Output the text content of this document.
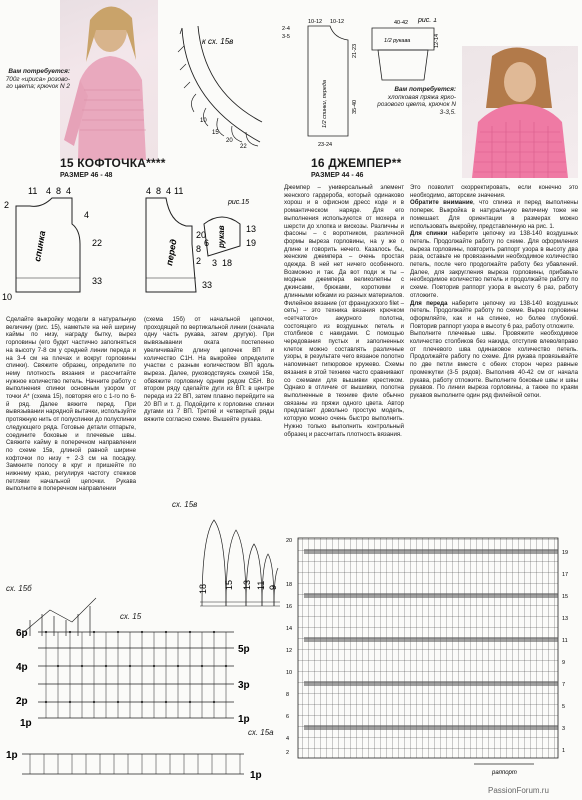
Вам потребуется:
700г «ириса» розово-го цвета; крючок N 2
к сх. 15в
10
15
20
22
2-4
3-5
10-12 10-12
21-23
35-40
23-24
1/2 спинки, переда
40-42
12-14
1/2 рукава
рис. 1
Вам потребуется:
хлопковая пряжа ярко-розового цвета, крючок N 3-3,5.
15 КОФТОЧКА****
РАЗМЕР 46 - 48
16 ДЖЕМПЕР**
РАЗМЕР 44 - 46
спинка	перед
рукав
рис.15
11 4 8 4
2
4
22
33
10
4 8 4 11
20
8
2
33
13
19
3 18
6
Сделайте выкройку модели в натуральную величину (рис. 15), наметьте на ней ширину каймы по низу, награду бытку, вырез горловины (его будет частично заполняться на высоту 7-8 см у средней линии переда и на 3-4 см на плечах и вокруг горловины спинки). Свяжите образец, определите по нему плотность вязания и рассчитайте нужное количество петель. Начните работу с выполнения спинки основным узором от точки А* (схема 15), повторяя его с 1-го по 6-й ряд. Далее вяжите перед. При вывязывании нарядной вытачки, используйте протяжную нить от полуспинки до полуспинки следующего ряда. Готовые детали отпарьте, соедините боковые и плечевые швы. Свяжите кайму в поперечном направлении по схеме 15в, длиной равной ширине кофточки по низу + 2-3 см на посадку. Замкните полосу в круг и пришейте по нижнему краю, регулируя частоту стежков петлями начальной цепочки. Рукава выполните в поперечном направлении
(схема 15б) от начальной цепочки, проходящей по вертикальной линии (сначала одну часть рукава, затем другую). При вывязывании оката постепенно увеличивайте длину цепочек ВП и количество С1Н. На выкройке определите участки с разным количеством ВП вдоль выреза. Далее, руководствуясь схемой 15в, обвяжите горловину одним рядом СБН. Во втором ряду сделайте дуги из ВП: в центре переда из 22 ВП, затем плавно перейдите на 20 ВП и т. д. Подойдите к горловине спинки дугами из 7 ВП. Третий и четвертый ряды вяжите согласно схеме. Вышейте рукава.
Джемпер – универсальный элемент женского гардероба, который одинаково хорош и в офисном дресс коде и в романтическом наряде. Для его выполнения используются от мохера и шерсти до хлопка и вискозы. Различны и фасоны – с воротником, различной формы выреза горловины, на у же о длине и говорить нечего. Казалось бы, женские джемпера – очень простая одежда. В ней нет ничего особенного. Возможно и так. Да вот поди ж ты – модные джемпера великолепны с джинсами, брюками, короткими и длинными юбками из разных материалов. Филейное вязание (от французского filet – сеть) – это техника вязания крючком «сетчатого» ажурного полотна, состоящего из воздушных петель и столбиков с накидами. С помощью чередования пустых и заполненных клеток можно составлять различные узоры, в результате чего вязаное полотно напоминает гипюровое кружево. Схемы вязания в этой технике часто сравнивают со схемами для вышивки крестиком. Однако в отличие от вышивки, полотна выполненные в технике филе обычно связаны из пряжи одного цвета. Автор предлагает довольно простую модель, которую можно очень быстро выполнить. Нужно только выполнить контрольный образец и рассчитать плотность вязания.
Это позволит скорректировать, если конечно это необходимо, авторские значения.
Обратите внимание, что спинка и перед выполнены поперек. Выкройка в натуральную величину тоже не помешает. Для ориентации в размерах можно использовать выкройку, представленную на рис. 1.
Для спинки наберите цепочку из 138-140 воздушных петель. Продолжайте работу по схеме. Для оформления выреза горловины, повторить раппорт узора в высоту два раза, оставьте не провязанными необходимое количество петель, после чего продолжайте работу без убавлений. Далее, для закругления выреза горловины, прибавьте необходимое количество петель и продолжайте работу по схеме. Повторив раппорт узора в высоту 6 раз, работу отложите.
Для переда наберите цепочку из 138-140 воздушных петель. Продолжайте работу по схеме. Вырез горловины оформляйте, как и на спинке, но более глубокий. Повторив раппорт узора в высоту 6 раз, работу отложите.
Выполните плечевые швы. Провяжите необходимое количество столбиков без накида, отступив влево/вправо от плечевого шва одинаковое количество петель. Продолжайте работу по схеме. Для рукава провязывайте по две петли вместе с обеих сторон через равные промежутки (3-5 рядов). Выполнив 40-42 см от начала рукава, работу отложите. Выполните боковые швы и швы рукавов. По линии выреза горловины, а также по краям рукавов выполните один ряд филейной сетки.
18 15 13 11 9
сх. 15в
сх. 15б
сх. 15
6р
4р
2р
1р
5р
3р
1р
сх. 15а
1р
1р	раппорт
20
18
16
14
12
10
8
6
4
2
19
17
15
13
11
9
7
5
3
1
PassionForum.ru
